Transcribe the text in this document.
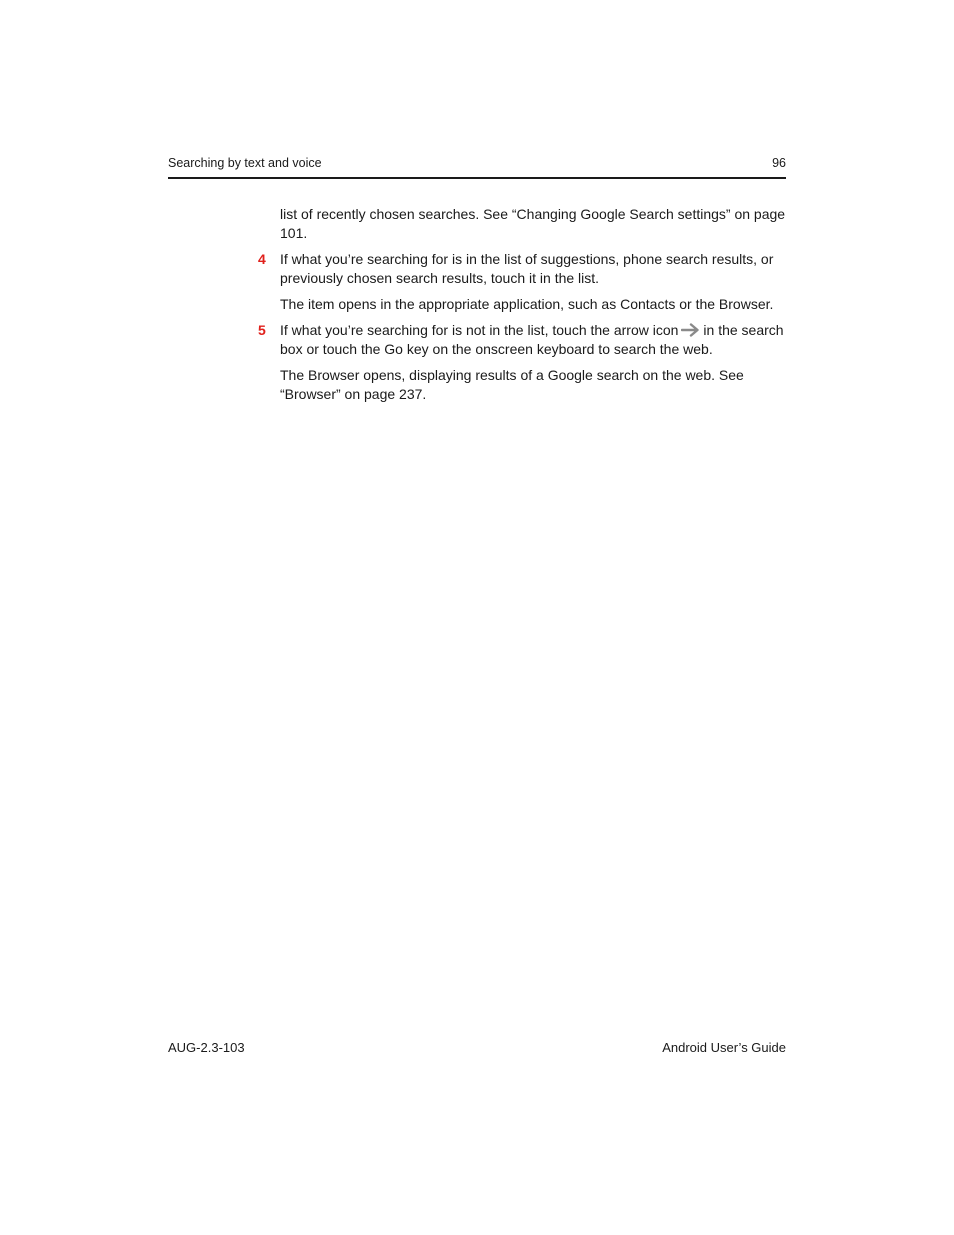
Searching by text and voice	96

list of recently chosen searches. See “Changing Google Search settings” on page 101.

4 If what you’re searching for is in the list of suggestions, phone search results, or previously chosen search results, touch it in the list.

The item opens in the appropriate application, such as Contacts or the Browser.

5 If what you’re searching for is not in the list, touch the arrow icon in the search box or touch the Go key on the onscreen keyboard to search the web.

The Browser opens, displaying results of a Google search on the web. See “Browser” on page 237.

AUG-2.3-103	Android User’s Guide
